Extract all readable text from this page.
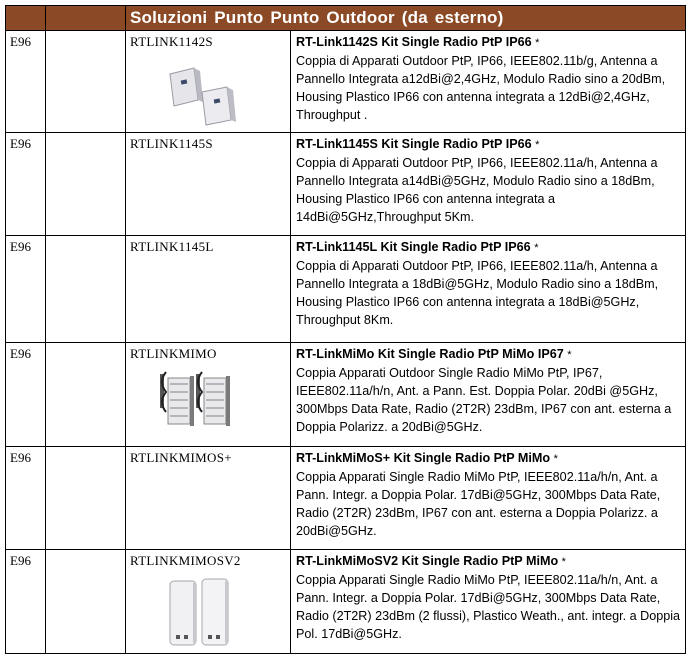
		Soluzioni Punto Punto Outdoor (da esterno)	
E96		RTLINK1142S	RT-Link1142S Kit Single Radio PtP IP66 *
Coppia di Apparati Outdoor PtP, IP66, IEEE802.11b/g, Antenna a Pannello Integrata a12dBi@2,4GHz, Modulo Radio sino a 20dBm, Housing Plastico IP66 con antenna integrata a 12dBi@2,4GHz, Throughput .

E96		RTLINK1145S	RT-Link1145S Kit Single Radio PtP IP66 *
Coppia di Apparati Outdoor PtP, IP66, IEEE802.11a/h, Antenna a Pannello Integrata a14dBi@5GHz, Modulo Radio sino a 18dBm, Housing Plastico IP66 con antenna integrata a 14dBi@5GHz,Throughput 5Km.

E96		RTLINK1145L	RT-Link1145L Kit Single Radio PtP IP66 *
Coppia di Apparati Outdoor PtP, IP66, IEEE802.11a/h, Antenna a Pannello Integrata a 18dBi@5GHz, Modulo Radio sino a 18dBm, Housing Plastico IP66 con antenna integrata a 18dBi@5GHz, Throughput 8Km.

E96		RTLINKMIMO	RT-LinkMiMo Kit Single Radio PtP MiMo IP67 *
Coppia Apparati Outdoor Single Radio MiMo PtP, IP67, IEEE802.11a/h/n, Ant. a Pann. Est. Doppia Polar. 20dBi @5GHz, 300Mbps Data Rate, Radio (2T2R) 23dBm, IP67 con ant. esterna a Doppia Polarizz. a 20dBi@5GHz.

E96		RTLINKMIMOS+	RT-LinkMiMoS+ Kit Single Radio PtP MiMo *
Coppia Apparati Single Radio MiMo PtP, IEEE802.11a/h/n, Ant. a Pann. Integr. a Doppia Polar. 17dBi@5GHz, 300Mbps Data Rate, Radio (2T2R) 23dBm, IP67 con ant. esterna a Doppia Polarizz. a 20dBi@5GHz.

E96		RTLINKMIMOSV2	RT-LinkMiMoSV2 Kit Single Radio PtP MiMo *
Coppia Apparati Single Radio MiMo PtP, IEEE802.11a/h/n, Ant. a Pann. Integr. a Doppia Polar. 17dBi@5GHz, 300Mbps Data Rate, Radio (2T2R) 23dBm (2 flussi), Plastico Weath., ant. integr. a Doppia Pol. 17dBi@5GHz.
